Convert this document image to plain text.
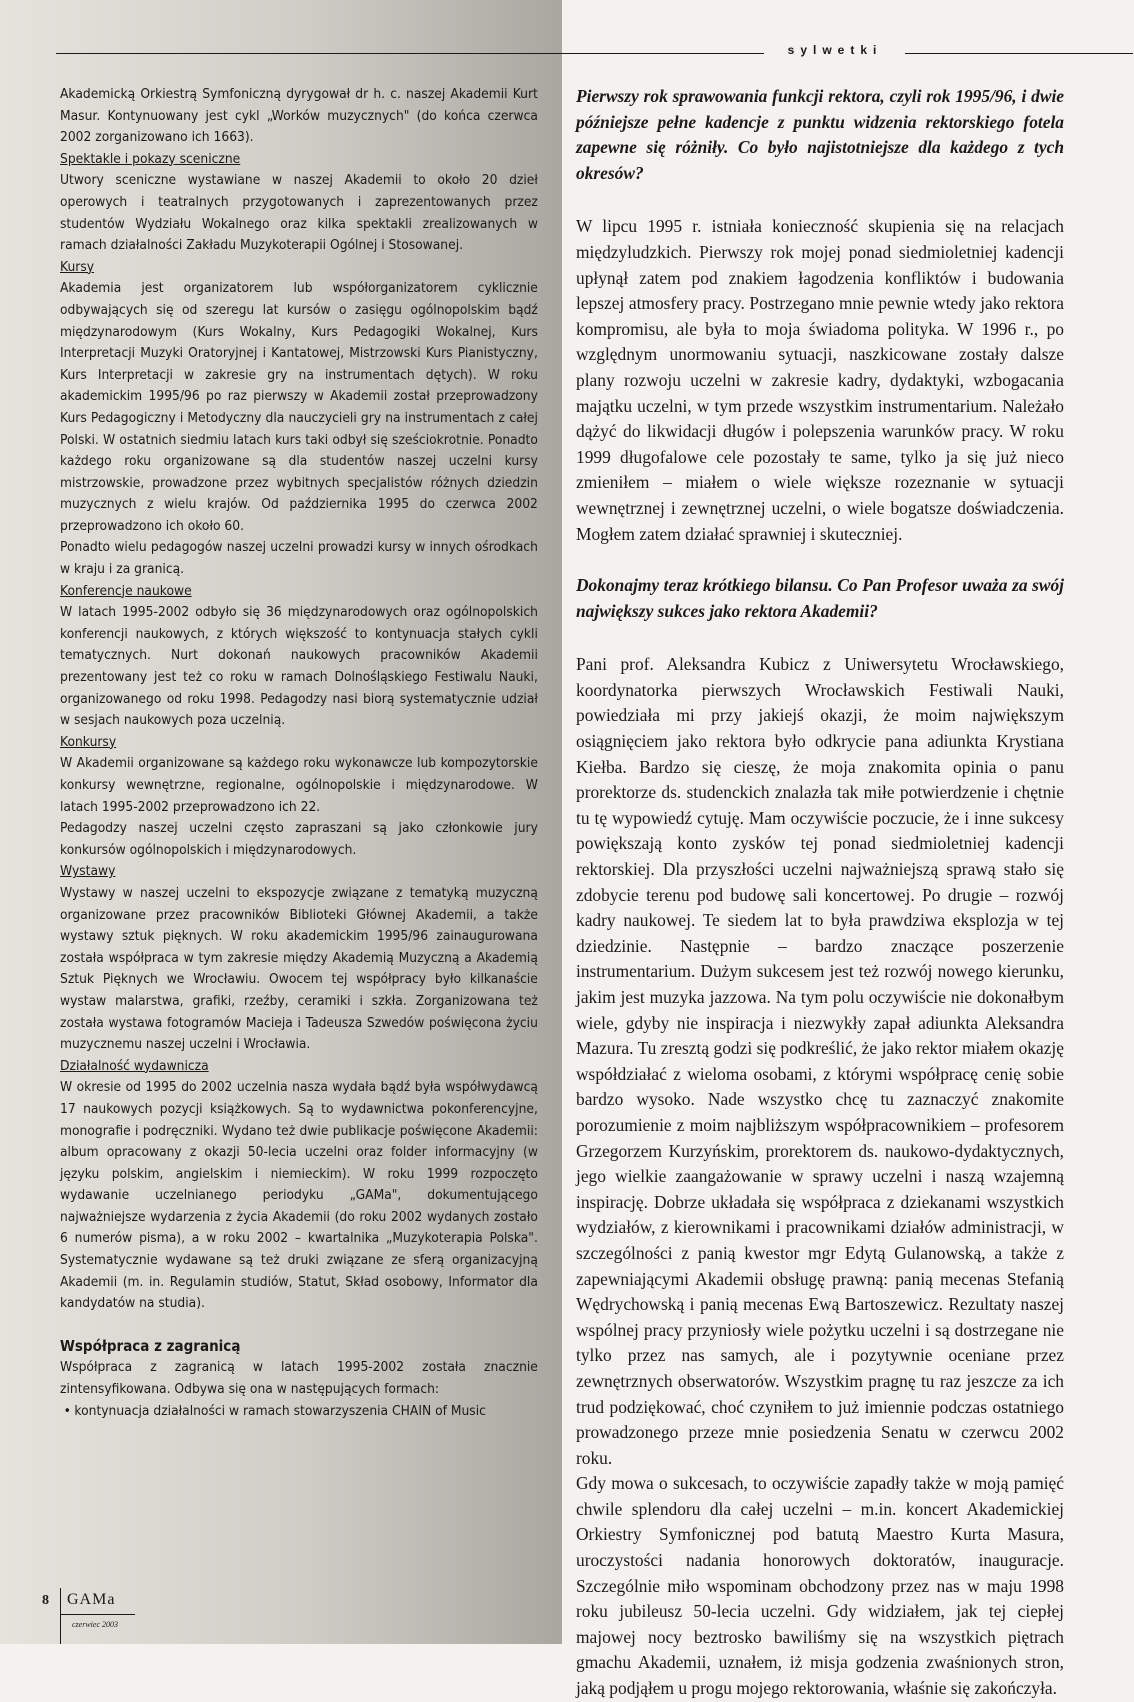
sylwetki

Akademicką Orkiestrą Symfoniczną dyrygował dr h. c. naszej Akademii Kurt Masur. Kontynuowany jest cykl „Worków muzycznych" (do końca czerwca 2002 zorganizowano ich 1663).

Spektakle i pokazy sceniczne

Utwory sceniczne wystawiane w naszej Akademii to około 20 dzieł operowych i teatralnych przygotowanych i zaprezentowanych przez studentów Wydziału Wokalnego oraz kilka spektakli zrealizowanych w ramach działalności Zakładu Muzykoterapii Ogólnej i Stosowanej.

Kursy

Akademia jest organizatorem lub współorganizatorem cyklicznie odbywających się od szeregu lat kursów o zasięgu ogólnopolskim bądź międzynarodowym (Kurs Wokalny, Kurs Pedagogiki Wokalnej, Kurs Interpretacji Muzyki Oratoryjnej i Kantatowej, Mistrzowski Kurs Pianistyczny, Kurs Interpretacji w zakresie gry na instrumentach dętych). W roku akademickim 1995/96 po raz pierwszy w Akademii został przeprowadzony Kurs Pedagogiczny i Metodyczny dla nauczycieli gry na instrumentach z całej Polski. W ostatnich siedmiu latach kurs taki odbył się sześciokrotnie. Ponadto każdego roku organizowane są dla studentów naszej uczelni kursy mistrzowskie, prowadzone przez wybitnych specjalistów różnych dziedzin muzycznych z wielu krajów. Od października 1995 do czerwca 2002 przeprowadzono ich około 60.

Ponadto wielu pedagogów naszej uczelni prowadzi kursy w innych ośrodkach w kraju i za granicą.

Konferencje naukowe

W latach 1995-2002 odbyło się 36 międzynarodowych oraz ogólnopolskich konferencji naukowych, z których większość to kontynuacja stałych cykli tematycznych. Nurt dokonań naukowych pracowników Akademii prezentowany jest też co roku w ramach Dolnośląskiego Festiwalu Nauki, organizowanego od roku 1998. Pedagodzy nasi biorą systematycznie udział w sesjach naukowych poza uczelnią.

Konkursy

W Akademii organizowane są każdego roku wykonawcze lub kompozytorskie konkursy wewnętrzne, regionalne, ogólnopolskie i międzynarodowe. W latach 1995-2002 przeprowadzono ich 22.

Pedagodzy naszej uczelni często zapraszani są jako członkowie jury konkursów ogólnopolskich i międzynarodowych.

Wystawy

Wystawy w naszej uczelni to ekspozycje związane z tematyką muzyczną organizowane przez pracowników Biblioteki Głównej Akademii, a także wystawy sztuk pięknych. W roku akademickim 1995/96 zainaugurowana została współpraca w tym zakresie między Akademią Muzyczną a Akademią Sztuk Pięknych we Wrocławiu. Owocem tej współpracy było kilkanaście wystaw malarstwa, grafiki, rzeźby, ceramiki i szkła. Zorganizowana też została wystawa fotogramów Macieja i Tadeusza Szwedów poświęcona życiu muzycznemu naszej uczelni i Wrocławia.

Działalność wydawnicza

W okresie od 1995 do 2002 uczelnia nasza wydała bądź była współwydawcą 17 naukowych pozycji książkowych. Są to wydawnictwa pokonferencyjne, monografie i podręczniki. Wydano też dwie publikacje poświęcone Akademii: album opracowany z okazji 50-lecia uczelni oraz folder informacyjny (w języku polskim, angielskim i niemieckim). W roku 1999 rozpoczęto wydawanie uczelnianego periodyku „GAMa", dokumentującego najważniejsze wydarzenia z życia Akademii (do roku 2002 wydanych zostało 6 numerów pisma), a w roku 2002 – kwartalnika „Muzykoterapia Polska". Systematycznie wydawane są też druki związane ze sferą organizacyjną Akademii (m. in. Regulamin studiów, Statut, Skład osobowy, Informator dla kandydatów na studia).

Współpraca z zagranicą

Współpraca z zagranicą w latach 1995-2002 została znacznie zintensyfikowana. Odbywa się ona w następujących formach:

• kontynuacja działalności w ramach stowarzyszenia CHAIN of Music

Pierwszy rok sprawowania funkcji rektora, czyli rok 1995/96, i dwie późniejsze pełne kadencje z punktu widzenia rektorskiego fotela zapewne się różniły. Co było najistotniejsze dla każdego z tych okresów?

W lipcu 1995 r. istniała konieczność skupienia się na relacjach międzyludzkich. Pierwszy rok mojej ponad siedmioletniej kadencji upłynął zatem pod znakiem łagodzenia konfliktów i budowania lepszej atmosfery pracy. Postrzegano mnie pewnie wtedy jako rektora kompromisu, ale była to moja świadoma polityka. W 1996 r., po względnym unormowaniu sytuacji, naszkicowane zostały dalsze plany rozwoju uczelni w zakresie kadry, dydaktyki, wzbogacania majątku uczelni, w tym przede wszystkim instrumentarium. Należało dążyć do likwidacji długów i polepszenia warunków pracy. W roku 1999 długofalowe cele pozostały te same, tylko ja się już nieco zmieniłem – miałem o wiele większe rozeznanie w sytuacji wewnętrznej i zewnętrznej uczelni, o wiele bogatsze doświadczenia. Mogłem zatem działać sprawniej i skuteczniej.

Dokonajmy teraz krótkiego bilansu. Co Pan Profesor uważa za swój największy sukces jako rektora Akademii?

Pani prof. Aleksandra Kubicz z Uniwersytetu Wrocławskiego, koordynatorka pierwszych Wrocławskich Festiwali Nauki, powiedziała mi przy jakiejś okazji, że moim największym osiągnięciem jako rektora było odkrycie pana adiunkta Krystiana Kiełba. Bardzo się cieszę, że moja znakomita opinia o panu prorektorze ds. studenckich znalazła tak miłe potwierdzenie i chętnie tu tę wypowiedź cytuję. Mam oczywiście poczucie, że i inne sukcesy powiększają konto zysków tej ponad siedmioletniej kadencji rektorskiej. Dla przyszłości uczelni najważniejszą sprawą stało się zdobycie terenu pod budowę sali koncertowej. Po drugie – rozwój kadry naukowej. Te siedem lat to była prawdziwa eksplozja w tej dziedzinie. Następnie – bardzo znaczące poszerzenie instrumentarium. Dużym sukcesem jest też rozwój nowego kierunku, jakim jest muzyka jazzowa. Na tym polu oczywiście nie dokonałbym wiele, gdyby nie inspiracja i niezwykły zapał adiunkta Aleksandra Mazura. Tu zresztą godzi się podkreślić, że jako rektor miałem okazję współdziałać z wieloma osobami, z którymi współpracę cenię sobie bardzo wysoko. Nade wszystko chcę tu zaznaczyć znakomite porozumienie z moim najbliższym współpracownikiem – profesorem Grzegorzem Kurzyńskim, prorektorem ds. naukowo-dydaktycznych, jego wielkie zaangażowanie w sprawy uczelni i naszą wzajemną inspirację. Dobrze układała się współpraca z dziekanami wszystkich wydziałów, z kierownikami i pracownikami działów administracji, w szczególności z panią kwestor mgr Edytą Gulanowską, a także z zapewniającymi Akademii obsługę prawną: panią mecenas Stefanią Wędrychowską i panią mecenas Ewą Bartoszewicz. Rezultaty naszej wspólnej pracy przyniosły wiele pożytku uczelni i są dostrzegane nie tylko przez nas samych, ale i pozytywnie oceniane przez zewnętrznych obserwatorów. Wszystkim pragnę tu raz jeszcze za ich trud podziękować, choć czyniłem to już imiennie podczas ostatniego prowadzonego przeze mnie posiedzenia Senatu w czerwcu 2002 roku.

Gdy mowa o sukcesach, to oczywiście zapadły także w moją pamięć chwile splendoru dla całej uczelni – m.in. koncert Akademickiej Orkiestry Symfonicznej pod batutą Maestro Kurta Masura, uroczystości nadania honorowych doktoratów, inauguracje. Szczególnie miło wspominam obchodzony przez nas w maju 1998 roku jubileusz 50-lecia uczelni. Gdy widziałem, jak tej ciepłej majowej nocy beztrosko bawiliśmy się na wszystkich piętrach gmachu Akademii, uznałem, iż misja godzenia zwaśnionych stron, jaką podjąłem u progu mojego rektorowania, właśnie się zakończyła.

8 GAMa
czerwiec 2003
